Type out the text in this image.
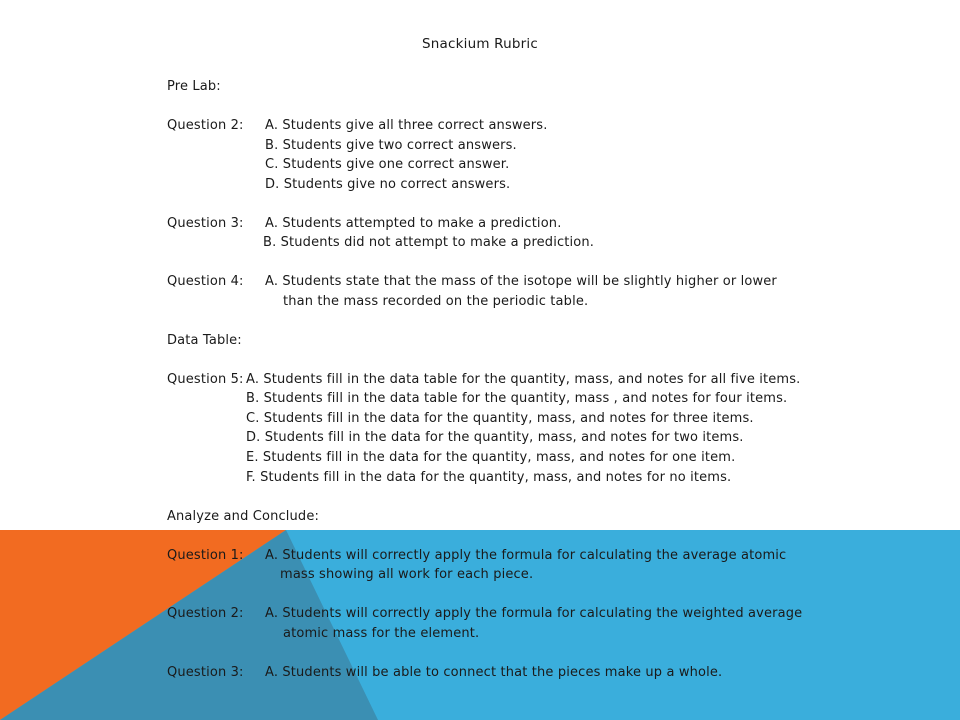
Snackium Rubric
Pre Lab:
Question 2: A. Students give all three correct answers.
B. Students give two correct answers.
C. Students give one correct answer.
D. Students give no correct answers.
Question 3: A. Students attempted to make a prediction.
B. Students did not attempt to make a prediction.
Question 4: A. Students state that the mass of the isotope will be slightly higher or lower
than the mass recorded on the periodic table.
Data Table:
Question 5: A. Students fill in the data table for the quantity, mass, and notes for all five items.
B. Students fill in the data table for the quantity, mass , and notes for four items.
C. Students fill in the data for the quantity, mass, and notes for three items.
D. Students fill in the data for the quantity, mass, and notes for two items.
E. Students fill in the data for the quantity, mass, and notes for one item.
F. Students fill in the data for the quantity, mass, and notes for no items.
Analyze and Conclude:
Question 1: A. Students will correctly apply the formula for calculating the average atomic
mass showing all work for each piece.
Question 2: A. Students will correctly apply the formula for calculating the weighted average
atomic mass for the element.
Question 3: A. Students will be able to connect that the pieces make up a whole.
